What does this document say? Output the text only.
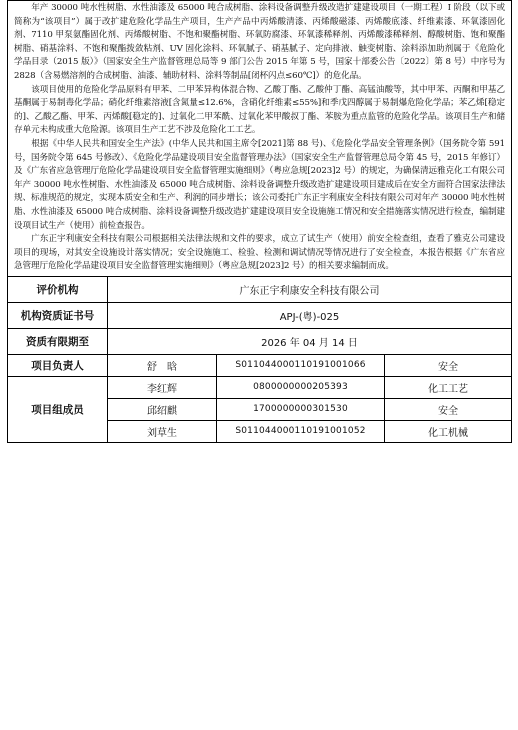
年产 30000 吨水性树脂、水性油漆及 65000 吨合成树脂、涂料设备调整升级改造扩建建设项目（一期工程）I 阶段（以下或简称为“该项目”）属于改扩建危险化学品生产项目，生产产品中丙烯酸清漆、丙烯酸磁漆、丙烯酸底漆、纤维素漆、环氧漆固化剂、7110 甲泵氨酯固化剂、丙烯酸树脂、不饱和聚酯树脂、环氧防腐漆、环氧漆稀释剂、丙烯酸漆稀释剂、醇酸树脂、饱和聚酯树脂、硝基涂料、不饱和聚酯拨敛粘剂、UV 固化涂料、环氧腻子、硝基腻子、定向排液、触变树脂、涂料添加助剂属于《危险化学品目录（2015 版）》（国家安全生产监督管理总局等 9 部门公告 2015 年第 5 号，国家十部委公告〔2022〕第 8 号）中序号为 2828（含易燃溶剂的合成树脂、油漆、辅助材料、涂料等制品[闭杯闪点≤60℃]）的危化品。

该项目使用的危险化学品原料有甲苯、二甲苯异构体混合物、乙酸丁酯、乙酸仲丁酯、高锰油酸等，其中甲苯、丙酮和甲基乙基酮属于易制毒化学品；硝化纤维素溶液[含氮量≤12.6%，含硝化纤维素≤55%]和季戊四醇属于易制爆危险化学品；苯乙烯[稳定的]、乙酸乙酯、甲苯、丙烯酸[稳定的]、过氧化二甲苯酰、过氧化苯甲酸叔丁酯、苯胺为重点监管的危险化学品。该项目生产和储存单元未构成重大危险源。该项目生产工艺不涉及危险化工工艺。

根据《中华人民共和国安全生产法》(中华人民共和国主席令[2021]第 88 号)、《危险化学品安全管理条例》（国务院令第 591 号，国务院令第 645 号修改）、《危险化学品建设项目安全监督管理办法》（国家安全生产监督管理总局令第 45 号，2015 年修订）及《广东省应急管理厅危险化学品建设项目安全监督管理实施细则》（粤应急规[2023]2 号）的规定，为确保清远雅克化工有限公司年产 30000 吨水性树脂、水性油漆及 65000 吨合成树脂、涂料设备调整升级改造扩建建设项目建成后在安全方面符合国家法律法规、标准规范的规定，实现本质安全和生产、利润的同步增长；该公司委托广东正宇利康安全科技有限公司对年产 30000 吨水性树脂、水性油漆及 65000 吨合成树脂、涂料设备调整升级改造扩建建设项目安全设施施工情况和安全措施落实情况进行检查，编制建设项目试生产（使用）前检查报告。

广东正宇利康安全科技有限公司根据相关法律法规和文件的要求，成立了试生产（使用）前安全检查组，查看了雅克公司建设项目的现场，对其安全设施设计落实情况；安全设施施工、检验、检测和调试情况等情况进行了安全检查，本报告根据《广东省应急管理厅危险化学品建设项目安全监督管理实施细则》（粤应急规[2023]2 号）的相关要求编制而成。			

评价机构	广东正宇利康安全科技有限公司		
机构资质证书号	APJ-(粤)-025		
资质有限期至	2026 年 04 月 14 日		
项目负责人	舒　晗	S011044000110191001066	安全
项目组成员	李红辉	0800000000205393	化工工艺
	邱绍麒	1700000000301530	安全
	刘草生	S011044000110191001052	化工机械
